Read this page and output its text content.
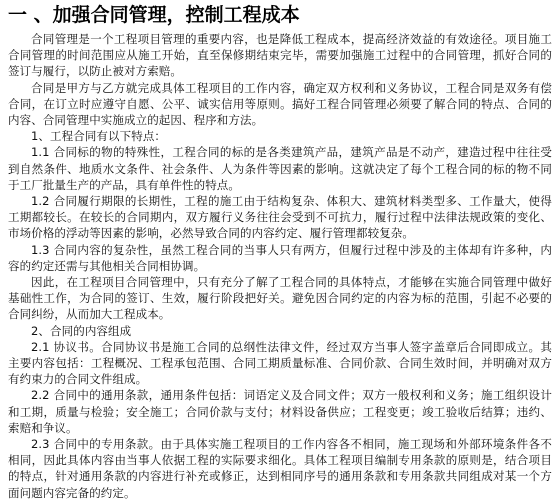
一 、加强合同管理，控制工程成本

合同管理是一个工程项目管理的重要内容，也是降低工程成本，提高经济效益的有效途径。项目施工合同管理的时间范围应从施工开始，直至保修期结束完毕，需要加强施工过程中的合同管理，抓好合同的签订与履行，以防止被对方索赔。

合同是甲方与乙方就完成具体工程项目的工作内容，确定双方权利和义务协议，工程合同是双务有偿合同，在订立时应遵守自愿、公平、诚实信用等原则。搞好工程合同管理必须要了解合同的特点、合同的内容、合同管理中实施成立的起因、程序和方法。

1、工程合同有以下特点：

1.1 合同标的物的特殊性，工程合同的标的是各类建筑产品，建筑产品是不动产，建造过程中往往受到自然条件、地质水文条件、社会条件、人为条件等因素的影响。这就决定了每个工程合同的标的物不同于工厂批量生产的产品，具有单件性的特点。

1.2 合同履行期限的长期性，工程的施工由于结构复杂、体积大、建筑材料类型多、工作量大，使得工期都较长。在较长的合同期内，双方履行义务往往会受到不可抗力，履行过程中法律法规政策的变化、市场价格的浮动等因素的影响，必然导致合同的内容约定、履行管理都较复杂。

1.3 合同内容的复杂性，虽然工程合同的当事人只有两方，但履行过程中涉及的主体却有许多种，内容的约定还需与其他相关合同相协调。

因此，在工程项目合同管理中，只有充分了解了工程合同的具体特点，才能够在实施合同管理中做好基础性工作，为合同的签订、生效，履行阶段把好关。避免因合同约定的内容为标的范围，引起不必要的合同纠纷，从而加大工程成本。

2、合同的内容组成

2.1 协议书。合同协议书是施工合同的总纲性法律文件，经过双方当事人签字盖章后合同即成立。其主要内容包括：工程概况、工程承包范围、合同工期质量标准、合同价款、合同生效时间，并明确对双方有约束力的合同文件组成。

2.2 合同中的通用条款，通用条件包括：词语定义及合同文件；双方一般权利和义务；施工组织设计和工期，质量与检验；安全施工；合同价款与支付；材料设备供应；工程变更；竣工验收后结算；违约、索赔和争议。

2.3 合同中的专用条款。由于具体实施工程项目的工作内容各不相同，施工现场和外部环境条件各不相同，因此具体内容由当事人依据工程的实际要求细化。具体工程项目编制专用条款的原则是，结合项目的特点，针对通用条款的内容进行补充或修正，达到相同序号的通用条款和专用条款共同组成对某一个方面问题内容完备的约定。
